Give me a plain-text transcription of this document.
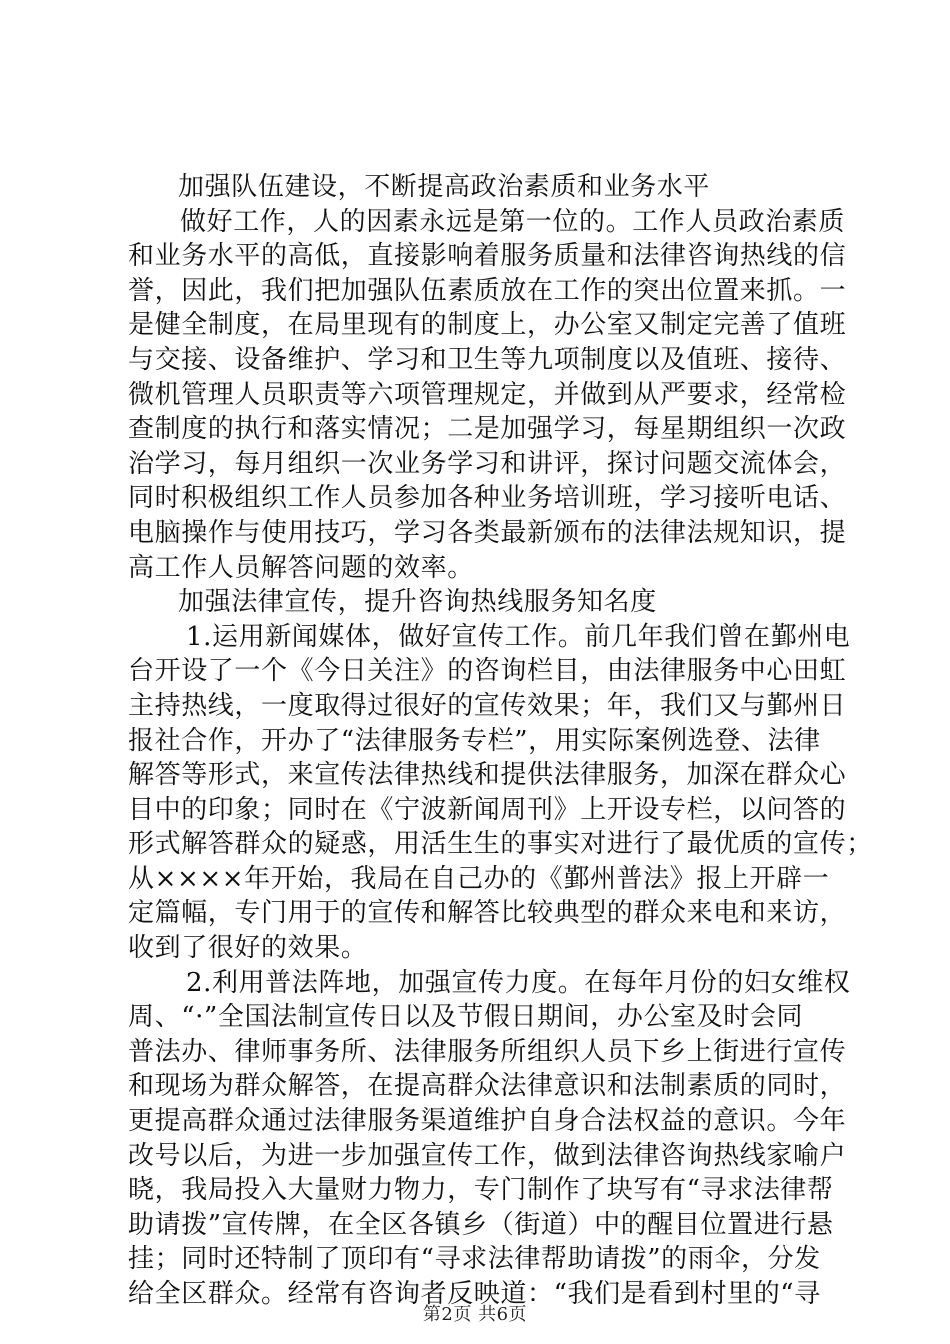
加强队伍建设，不断提高政治素质和业务水平
做好工作，人的因素永远是第一位的。工作人员政治素质
和业务水平的高低，直接影响着服务质量和法律咨询热线的信
誉，因此，我们把加强队伍素质放在工作的突出位置来抓。一
是健全制度，在局里现有的制度上，办公室又制定完善了值班
与交接、设备维护、学习和卫生等九项制度以及值班、接待、
微机管理人员职责等六项管理规定，并做到从严要求，经常检
查制度的执行和落实情况；二是加强学习，每星期组织一次政
治学习，每月组织一次业务学习和讲评，探讨问题交流体会，
同时积极组织工作人员参加各种业务培训班，学习接听电话、
电脑操作与使用技巧，学习各类最新颁布的法律法规知识，提
高工作人员解答问题的效率。
加强法律宣传，提升咨询热线服务知名度
1.运用新闻媒体，做好宣传工作。前几年我们曾在鄞州电
台开设了一个《今日关注》的咨询栏目，由法律服务中心田虹
主持热线，一度取得过很好的宣传效果；年，我们又与鄞州日
报社合作，开办了“法律服务专栏”，用实际案例选登、法律
解答等形式，来宣传法律热线和提供法律服务，加深在群众心
目中的印象；同时在《宁波新闻周刊》上开设专栏，以问答的
形式解答群众的疑惑，用活生生的事实对进行了最优质的宣传；
从××××年开始，我局在自己办的《鄞州普法》报上开辟一
定篇幅，专门用于的宣传和解答比较典型的群众来电和来访，
收到了很好的效果。
2.利用普法阵地，加强宣传力度。在每年月份的妇女维权
周、“·”全国法制宣传日以及节假日期间，办公室及时会同
普法办、律师事务所、法律服务所组织人员下乡上街进行宣传
和现场为群众解答，在提高群众法律意识和法制素质的同时，
更提高群众通过法律服务渠道维护自身合法权益的意识。今年
改号以后，为进一步加强宣传工作，做到法律咨询热线家喻户
晓，我局投入大量财力物力，专门制作了块写有“寻求法律帮
助请拨”宣传牌，在全区各镇乡（街道）中的醒目位置进行悬
挂；同时还特制了顶印有“寻求法律帮助请拨”的雨伞，分发
给全区群众。经常有咨询者反映道：“我们是看到村里的“寻
第2页 共6页
